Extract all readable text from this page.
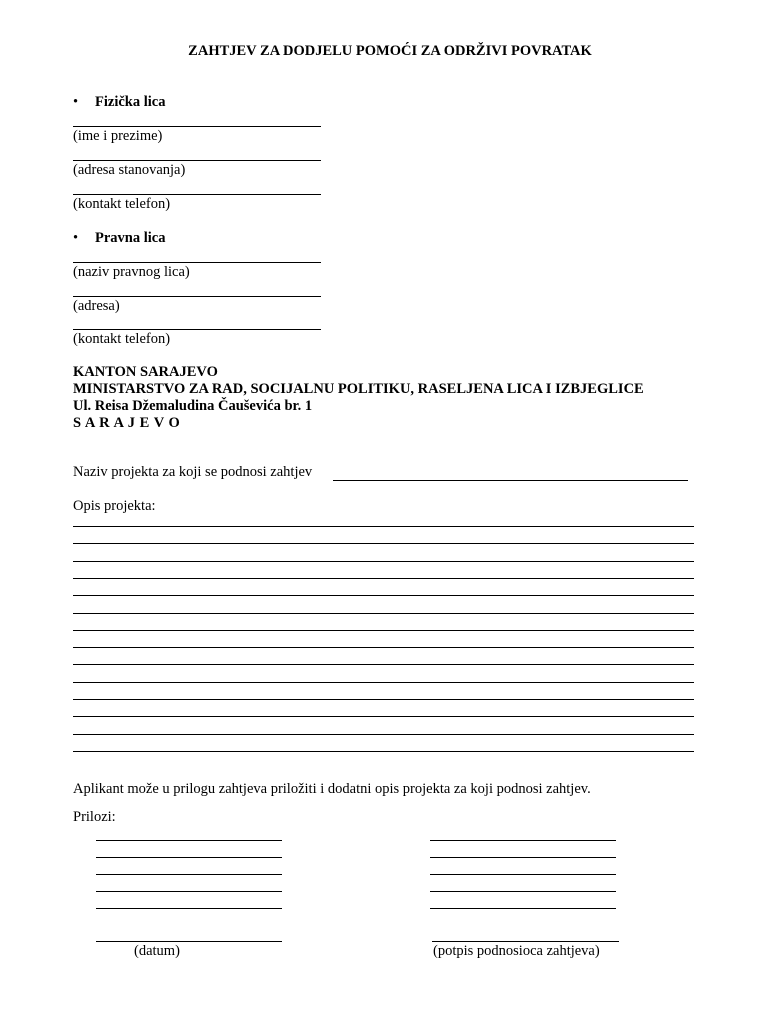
ZAHTJEV ZA DODJELU POMOĆI ZA ODRŽIVI POVRATAK
• Fizička lica
(ime i prezime)
(adresa stanovanja)
(kontakt telefon)
• Pravna lica
(naziv pravnog lica)
(adresa)
(kontakt telefon)
KANTON SARAJEVO
MINISTARSTVO ZA RAD, SOCIJALNU POLITIKU, RASELJENA LICA I IZBJEGLICE
Ul. Reisa Džemaludina Čauševića br. 1
S A R A J E V O
Naziv projekta za koji se podnosi zahtjev
Opis projekta:
Aplikant može u prilogu zahtjeva priložiti i dodatni opis projekta za koji podnosi zahtjev.
Prilozi:
(datum)	(potpis podnosioca zahtjeva)
